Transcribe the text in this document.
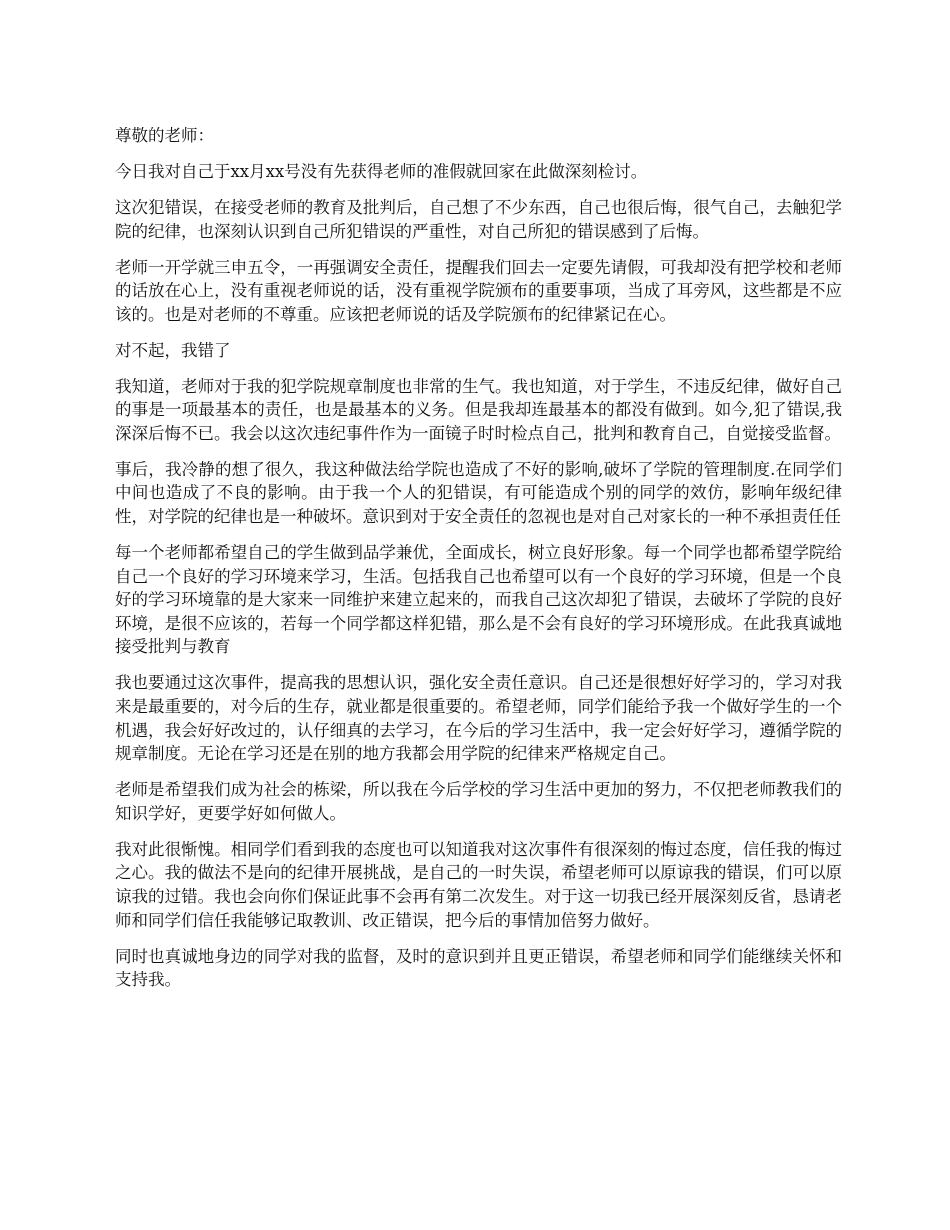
尊敬的老师：

今日我对自己于xx月xx号没有先获得老师的准假就回家在此做深刻检讨。

这次犯错误，在接受老师的教育及批判后，自己想了不少东西，自己也很后悔，很气自己，去触犯学院的纪律，也深刻认识到自己所犯错误的严重性，对自己所犯的错误感到了后悔。

老师一开学就三申五令，一再强调安全责任，提醒我们回去一定要先请假，可我却没有把学校和老师的话放在心上，没有重视老师说的话，没有重视学院颁布的重要事项，当成了耳旁风，这些都是不应该的。也是对老师的不尊重。应该把老师说的话及学院颁布的纪律紧记在心。

对不起，我错了

我知道，老师对于我的犯学院规章制度也非常的生气。我也知道，对于学生，不违反纪律，做好自己的事是一项最基本的责任，也是最基本的义务。但是我却连最基本的都没有做到。如今,犯了错误,我深深后悔不已。我会以这次违纪事件作为一面镜子时时检点自己，批判和教育自己，自觉接受监督。

事后，我冷静的想了很久，我这种做法给学院也造成了不好的影响,破坏了学院的管理制度.在同学们中间也造成了不良的影响。由于我一个人的犯错误，有可能造成个别的同学的效仿，影响年级纪律性，对学院的纪律也是一种破坏。意识到对于安全责任的忽视也是对自己对家长的一种不承担责任任

每一个老师都希望自己的学生做到品学兼优，全面成长，树立良好形象。每一个同学也都希望学院给自己一个良好的学习环境来学习，生活。包括我自己也希望可以有一个良好的学习环境，但是一个良好的学习环境靠的是大家来一同维护来建立起来的，而我自己这次却犯了错误，去破坏了学院的良好环境，是很不应该的，若每一个同学都这样犯错，那么是不会有良好的学习环境形成。在此我真诚地接受批判与教育

我也要通过这次事件，提高我的思想认识，强化安全责任意识。自己还是很想好好学习的，学习对我来是最重要的，对今后的生存，就业都是很重要的。希望老师，同学们能给予我一个做好学生的一个机遇，我会好好改过的，认仔细真的去学习，在今后的学习生活中，我一定会好好学习，遵循学院的规章制度。无论在学习还是在别的地方我都会用学院的纪律来严格规定自己。

老师是希望我们成为社会的栋梁，所以我在今后学校的学习生活中更加的努力，不仅把老师教我们的知识学好，更要学好如何做人。

我对此很惭愧。相同学们看到我的态度也可以知道我对这次事件有很深刻的悔过态度，信任我的悔过之心。我的做法不是向的纪律开展挑战，是自己的一时失误，希望老师可以原谅我的错误，们可以原谅我的过错。我也会向你们保证此事不会再有第二次发生。对于这一切我已经开展深刻反省，恳请老师和同学们信任我能够记取教训、改正错误，把今后的事情加倍努力做好。

同时也真诚地身边的同学对我的监督，及时的意识到并且更正错误，希望老师和同学们能继续关怀和支持我。
